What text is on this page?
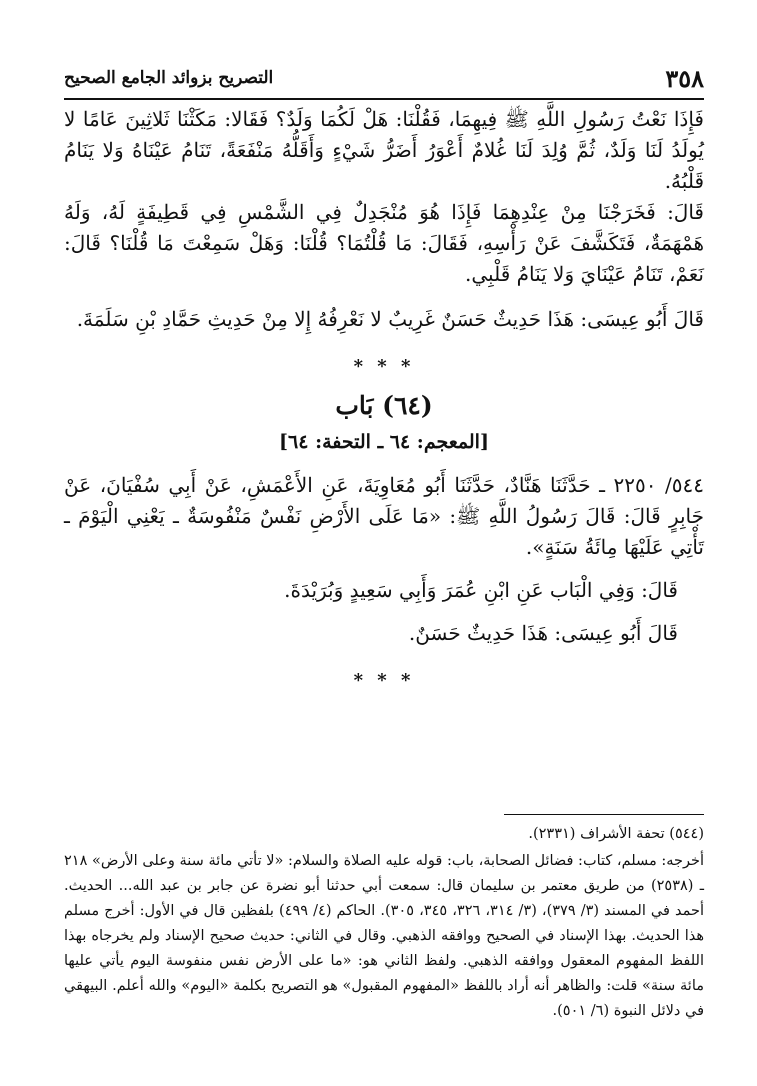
٣٥٨
التصريح بزوائد الجامع الصحيح

فَإِذَا نَعْتُ رَسُولِ اللَّهِ ﷺ فِيهِمَا، فَقُلْنَا: هَلْ لَكُمَا وَلَدٌ؟ فَقَالا: مَكَثْنَا ثَلاثِينَ عَامًا لا يُولَدُ لَنَا وَلَدٌ، ثُمَّ وُلِدَ لَنَا غُلامٌ أَعْوَرُ أَضَرُّ شَيْءٍ وَأَقَلُّهُ مَنْفَعَةً، تَنَامُ عَيْنَاهُ وَلا يَنَامُ قَلْبُهُ.

قَالَ: فَخَرَجْنَا مِنْ عِنْدِهِمَا فَإِذَا هُوَ مُنْجَدِلٌ فِي الشَّمْسِ فِي قَطِيفَةٍ لَهُ، وَلَهُ هَمْهَمَةٌ، فَتَكَشَّفَ عَنْ رَأْسِهِ، فَقَالَ: مَا قُلْتُمَا؟ قُلْنَا: وَهَلْ سَمِعْتَ مَا قُلْنَا؟ قَالَ: نَعَمْ، تَنَامُ عَيْنَايَ وَلا يَنَامُ قَلْبِي.

قَالَ أَبُو عِيسَى: هَذَا حَدِيثٌ حَسَنٌ غَرِيبٌ لا نَعْرِفُهُ إِلا مِنْ حَدِيثِ حَمَّادِ بْنِ سَلَمَةَ.

* * *
(٦٤) بَاب
[المعجم: ٦٤ ـ التحفة: ٦٤]

٥٤٤/ ٢٢٥٠ ـ حَدَّثَنَا هَنَّادٌ، حَدَّثَنَا أَبُو مُعَاوِيَةَ، عَنِ الأَعْمَشِ، عَنْ أَبِي سُفْيَانَ، عَنْ جَابِرٍ قَالَ: قَالَ رَسُولُ اللَّهِ ﷺ: «مَا عَلَى الأَرْضِ نَفْسٌ مَنْفُوسَةٌ ـ يَعْنِي الْيَوْمَ ـ تَأْتِي عَلَيْهَا مِائَةُ سَنَةٍ».

قَالَ: وَفِي الْبَاب عَنِ ابْنِ عُمَرَ وَأَبِي سَعِيدٍ وَبُرَيْدَةَ.

قَالَ أَبُو عِيسَى: هَذَا حَدِيثٌ حَسَنٌ.

* * *

(٥٤٤) تحفة الأشراف (٢٣٣١).

أخرجه: مسلم، كتاب: فضائل الصحابة، باب: قوله عليه الصلاة والسلام: «لا تأتي مائة سنة وعلى الأرض» ٢١٨ ـ (٢٥٣٨) من طريق معتمر بن سليمان قال: سمعت أبي حدثنا أبو نضرة عن جابر بن عبد الله... الحديث. أحمد في المسند (٣/ ٣٧٩)، (٣/ ٣١٤، ٣٢٦، ٣٤٥، ٣٠٥). الحاكم (٤/ ٤٩٩) بلفظين قال في الأول: أخرج مسلم هذا الحديث. بهذا الإسناد في الصحيح ووافقه الذهبي. وقال في الثاني: حديث صحيح الإسناد ولم يخرجاه بهذا اللفظ المفهوم المعقول ووافقه الذهبي. ولفظ الثاني هو: «ما على الأرض نفس منفوسة اليوم يأتي عليها مائة سنة» قلت: والظاهر أنه أراد باللفظ «المفهوم المقبول» هو التصريح بكلمة «اليوم» والله أعلم. البيهقي في دلائل النبوة (٦/ ٥٠١).
